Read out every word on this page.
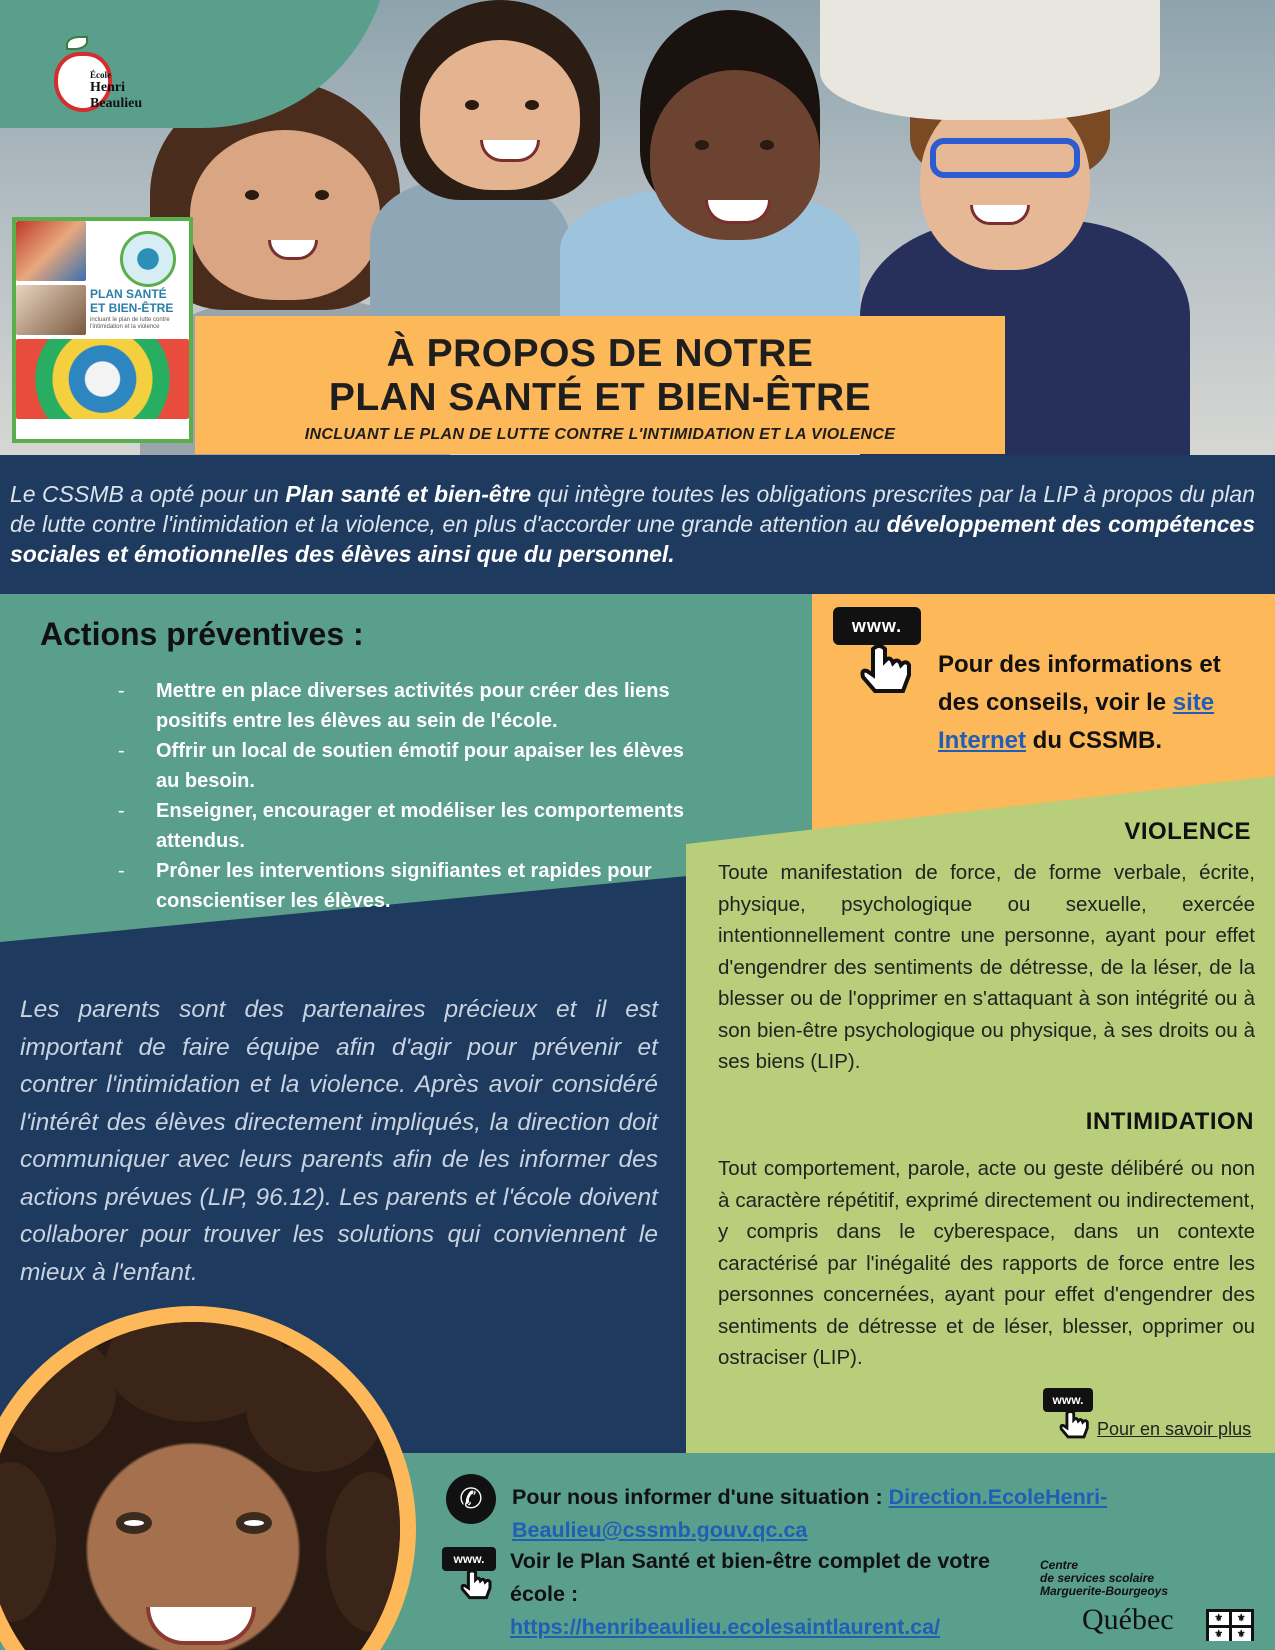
École
Henri
Beaulieu
PLAN SANTÉ
ET BIEN-ÊTRE
incluant le plan de lutte contre l'intimidation et la violence
À PROPOS DE NOTRE
PLAN SANTÉ ET BIEN-ÊTRE
INCLUANT LE PLAN DE LUTTE CONTRE L'INTIMIDATION ET LA VIOLENCE

Le CSSMB a opté pour un Plan santé et bien-être qui intègre toutes les obligations prescrites par la LIP à propos du plan de lutte contre l'intimidation et la violence, en plus d'accorder une grande attention au développement des compétences sociales et émotionnelles des élèves ainsi que du personnel.

Actions préventives :
- Mettre en place diverses activités pour créer des liens positifs entre les élèves au sein de l'école.
- Offrir un local de soutien émotif pour apaiser les élèves au besoin.
- Enseigner, encourager et modéliser les comportements attendus.
- Prôner les interventions signifiantes et rapides pour conscientiser les élèves.
www.
Pour des informations et des conseils, voir le site Internet du CSSMB.
VIOLENCE

Toute manifestation de force, de forme verbale, écrite, physique, psychologique ou sexuelle, exercée intentionnellement contre une personne, ayant pour effet d'engendrer des sentiments de détresse, de la léser, de la blesser ou de l'opprimer en s'attaquant à son intégrité ou à son bien-être psychologique ou physique, à ses droits ou à ses biens (LIP).

INTIMIDATION

Tout comportement, parole, acte ou geste délibéré ou non à caractère répétitif, exprimé directement ou indirectement, y compris dans le cyberespace, dans un contexte caractérisé par l'inégalité des rapports de force entre les personnes concernées, ayant pour effet d'engendrer des sentiments de détresse et de léser, blesser, opprimer ou ostraciser (LIP).

www.
Pour en savoir plus

Les parents sont des partenaires précieux et il est important de faire équipe afin d'agir pour prévenir et contrer l'intimidation et la violence. Après avoir considéré l'intérêt des élèves directement impliqués, la direction doit communiquer avec leurs parents afin de les informer des actions prévues (LIP, 96.12). Les parents et l'école doivent collaborer pour trouver les solutions qui conviennent le mieux à l'enfant.

✆	Pour nous informer d'une situation : Direction.EcoleHenri-Beaulieu@cssmb.gouv.qc.ca
www.	Voir le Plan Santé et bien-être complet de votre école :
https://henribeaulieu.ecolesaintlaurent.ca/
Centre
de services scolaire
Marguerite-Bourgeoys
Québec	⚜	⚜
⚜	⚜
